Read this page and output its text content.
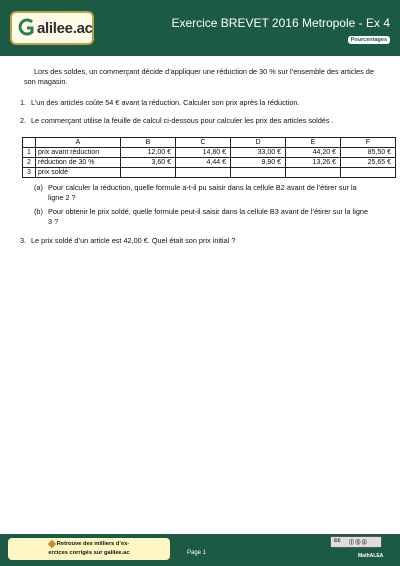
alilee.ac	Exercice BREVET 2016 Metropole - Ex 4
Pourcentages
Lors des soldes, un commerçant décide d’appliquer une réduction de 30 % sur l’ensemble des articles de son magasin.
1. L’un des articles coûte 54 € avant la réduction. Calculer son prix après la réduction.
2. Le commerçant utilise la feuille de calcul ci-dessous pour calculer les prix des articles soldés .
	A	B	C	D	E	F
1	prix avant réduction	12,00 €	14,80 €	33,00 €	44,20 €	85,50 €
2	réduction de 30 %	3,60 €	4,44 €	9,90 €	13,26 €	25,65 €
3	prix soldé					
(a) Pour calculer la réduction, quelle formule a-t-il pu saisir dans la cellule B2 avant de l’étirer sur la ligne 2 ?
(b) Pour obtenir le prix soldé, quelle formule peut-il saisir dans la cellule B3 avant de l’étirer sur la ligne 3 ?
3. Le prix soldé d’un article est 42,00 €. Quel était son prix initial ?
Retrouve des milliers d’ex-
ercices corrigés sur galilee.ac	Page 1
cc Ⓘ Ⓢ Ⓐ
MathALEA
